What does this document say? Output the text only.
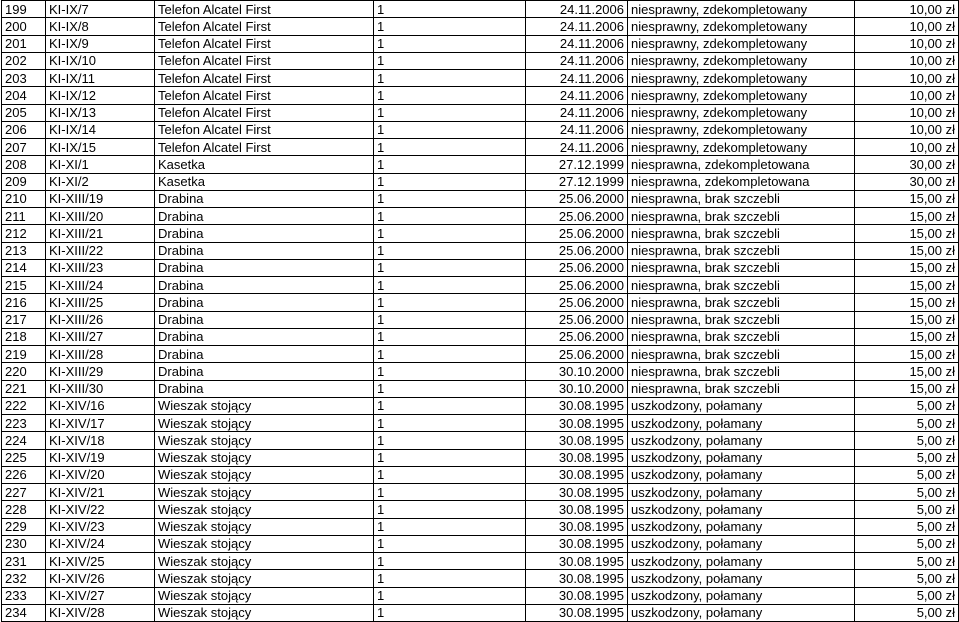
199	KI-IX/7	Telefon Alcatel First	1	24.11.2006	niesprawny, zdekompletowany	10,00 zł
200	KI-IX/8	Telefon Alcatel First	1	24.11.2006	niesprawny, zdekompletowany	10,00 zł
201	KI-IX/9	Telefon Alcatel First	1	24.11.2006	niesprawny, zdekompletowany	10,00 zł
202	KI-IX/10	Telefon Alcatel First	1	24.11.2006	niesprawny, zdekompletowany	10,00 zł
203	KI-IX/11	Telefon Alcatel First	1	24.11.2006	niesprawny, zdekompletowany	10,00 zł
204	KI-IX/12	Telefon Alcatel First	1	24.11.2006	niesprawny, zdekompletowany	10,00 zł
205	KI-IX/13	Telefon Alcatel First	1	24.11.2006	niesprawny, zdekompletowany	10,00 zł
206	KI-IX/14	Telefon Alcatel First	1	24.11.2006	niesprawny, zdekompletowany	10,00 zł
207	KI-IX/15	Telefon Alcatel First	1	24.11.2006	niesprawny, zdekompletowany	10,00 zł
208	KI-XI/1	Kasetka	1	27.12.1999	niesprawna, zdekompletowana	30,00 zł
209	KI-XI/2	Kasetka	1	27.12.1999	niesprawna, zdekompletowana	30,00 zł
210	KI-XIII/19	Drabina	1	25.06.2000	niesprawna, brak szczebli	15,00 zł
211	KI-XIII/20	Drabina	1	25.06.2000	niesprawna, brak szczebli	15,00 zł
212	KI-XIII/21	Drabina	1	25.06.2000	niesprawna, brak szczebli	15,00 zł
213	KI-XIII/22	Drabina	1	25.06.2000	niesprawna, brak szczebli	15,00 zł
214	KI-XIII/23	Drabina	1	25.06.2000	niesprawna, brak szczebli	15,00 zł
215	KI-XIII/24	Drabina	1	25.06.2000	niesprawna, brak szczebli	15,00 zł
216	KI-XIII/25	Drabina	1	25.06.2000	niesprawna, brak szczebli	15,00 zł
217	KI-XIII/26	Drabina	1	25.06.2000	niesprawna, brak szczebli	15,00 zł
218	KI-XIII/27	Drabina	1	25.06.2000	niesprawna, brak szczebli	15,00 zł
219	KI-XIII/28	Drabina	1	25.06.2000	niesprawna, brak szczebli	15,00 zł
220	KI-XIII/29	Drabina	1	30.10.2000	niesprawna, brak szczebli	15,00 zł
221	KI-XIII/30	Drabina	1	30.10.2000	niesprawna, brak szczebli	15,00 zł
222	KI-XIV/16	Wieszak stojący	1	30.08.1995	uszkodzony, połamany	5,00 zł
223	KI-XIV/17	Wieszak stojący	1	30.08.1995	uszkodzony, połamany	5,00 zł
224	KI-XIV/18	Wieszak stojący	1	30.08.1995	uszkodzony, połamany	5,00 zł
225	KI-XIV/19	Wieszak stojący	1	30.08.1995	uszkodzony, połamany	5,00 zł
226	KI-XIV/20	Wieszak stojący	1	30.08.1995	uszkodzony, połamany	5,00 zł
227	KI-XIV/21	Wieszak stojący	1	30.08.1995	uszkodzony, połamany	5,00 zł
228	KI-XIV/22	Wieszak stojący	1	30.08.1995	uszkodzony, połamany	5,00 zł
229	KI-XIV/23	Wieszak stojący	1	30.08.1995	uszkodzony, połamany	5,00 zł
230	KI-XIV/24	Wieszak stojący	1	30.08.1995	uszkodzony, połamany	5,00 zł
231	KI-XIV/25	Wieszak stojący	1	30.08.1995	uszkodzony, połamany	5,00 zł
232	KI-XIV/26	Wieszak stojący	1	30.08.1995	uszkodzony, połamany	5,00 zł
233	KI-XIV/27	Wieszak stojący	1	30.08.1995	uszkodzony, połamany	5,00 zł
234	KI-XIV/28	Wieszak stojący	1	30.08.1995	uszkodzony, połamany	5,00 zł
